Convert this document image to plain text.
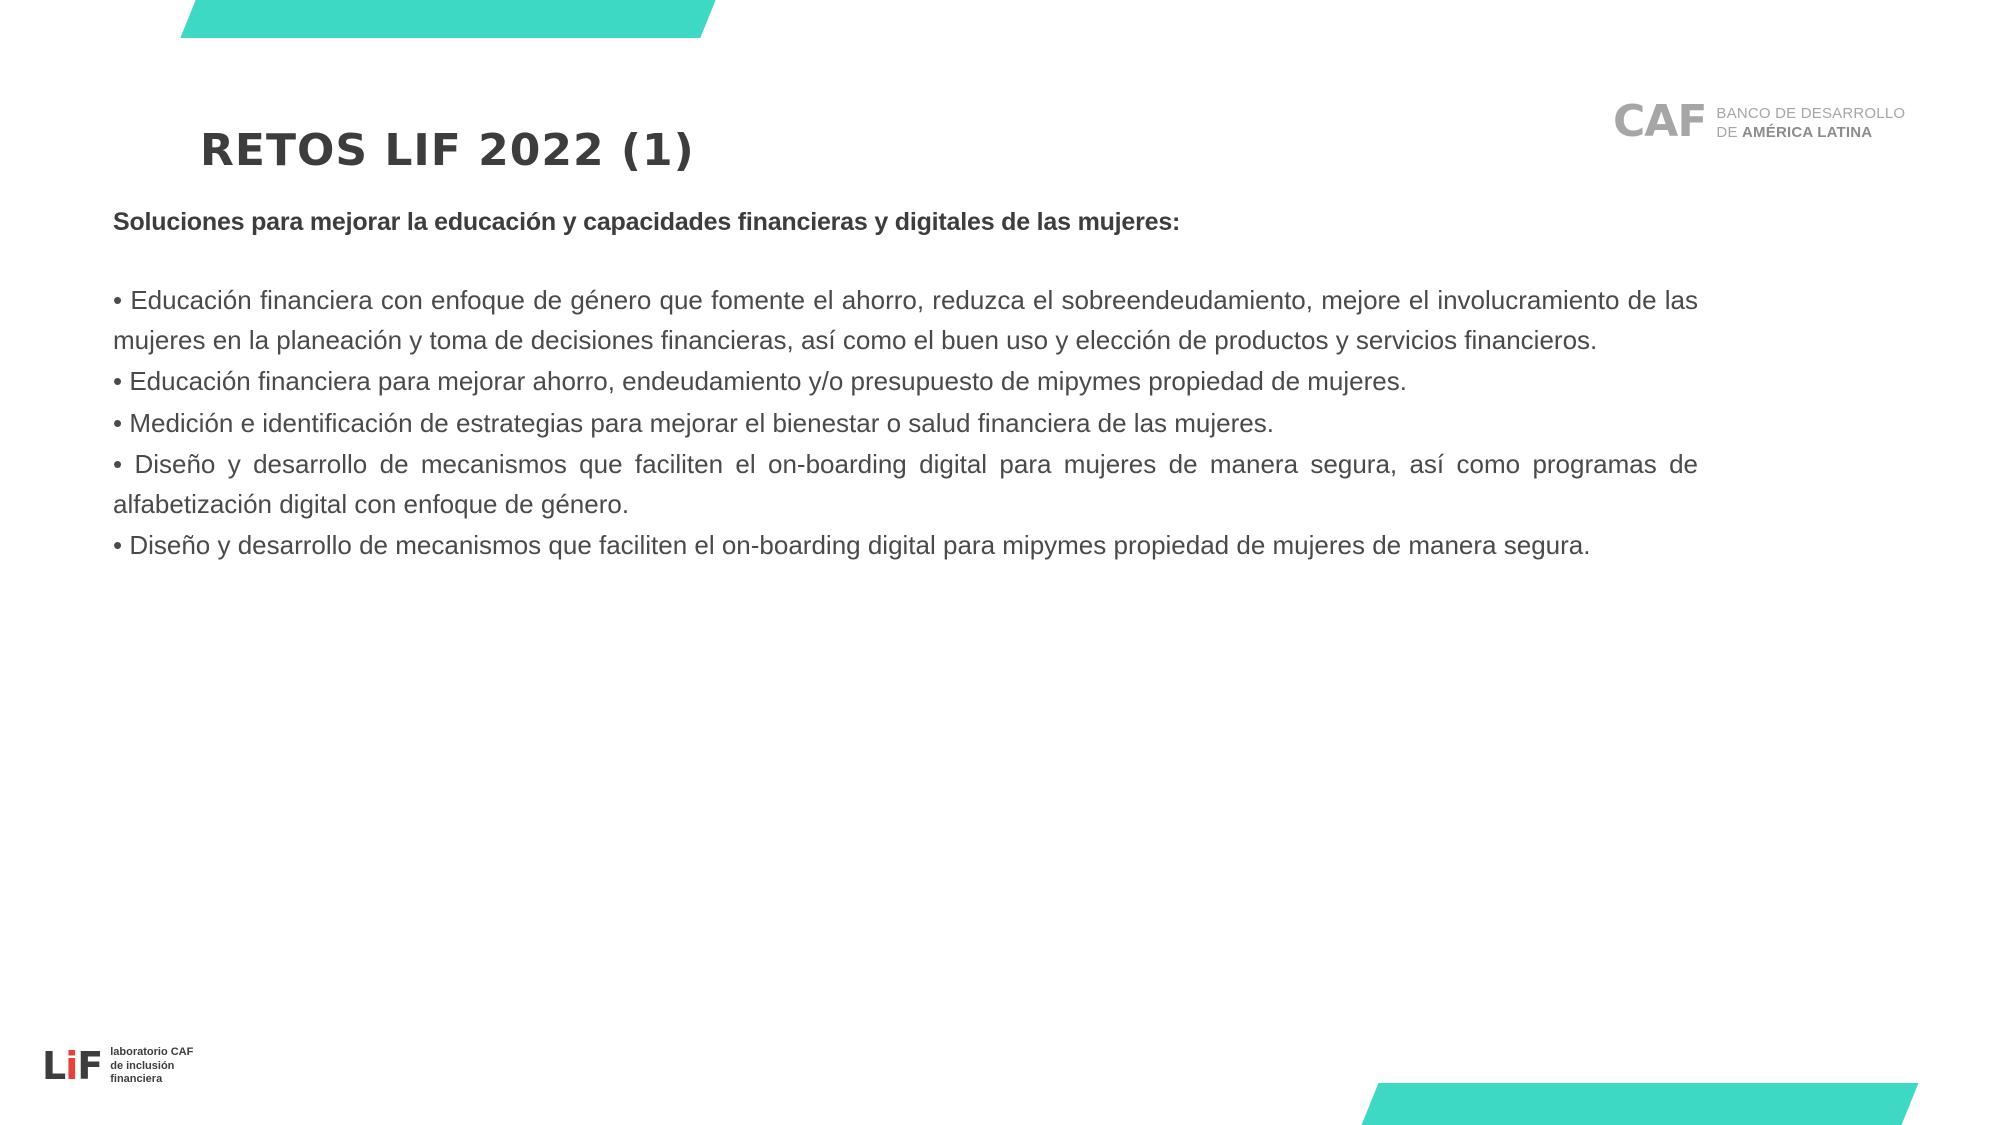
CAF BANCO DE DESARROLLO
DE AMÉRICA LATINA
RETOS LIF 2022 (1)
Soluciones para mejorar la educación y capacidades financieras y digitales de las mujeres:

• Educación financiera con enfoque de género que fomente el ahorro, reduzca el sobreendeudamiento, mejore el involucramiento de las mujeres en la planeación y toma de decisiones financieras, así como el buen uso y elección de productos y servicios financieros.

• Educación financiera para mejorar ahorro, endeudamiento y/o presupuesto de mipymes propiedad de mujeres.

• Medición e identificación de estrategias para mejorar el bienestar o salud financiera de las mujeres.

• Diseño y desarrollo de mecanismos que faciliten el on-boarding digital para mujeres de manera segura, así como programas de alfabetización digital con enfoque de género.

• Diseño y desarrollo de mecanismos que faciliten el on-boarding digital para mipymes propiedad de mujeres de manera segura.

LiF laboratorio CAF
de inclusión
financiera
